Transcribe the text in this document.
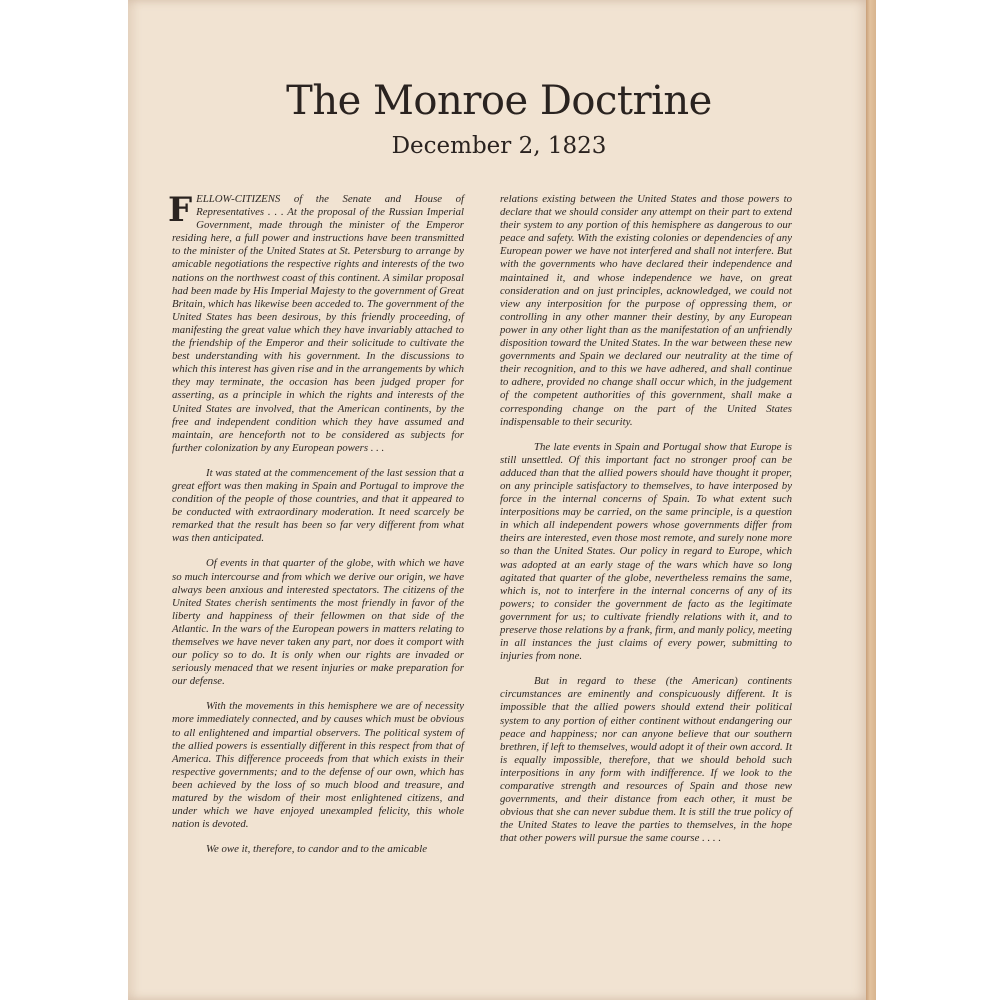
The Monroe Doctrine
December 2, 1823

FELLOW-CITIZENS of the Senate and House of Representatives . . . At the proposal of the Russian Imperial Government, made through the minister of the Emperor residing here, a full power and instructions have been transmitted to the minister of the United States at St. Petersburg to arrange by amicable negotiations the respective rights and interests of the two nations on the northwest coast of this continent. A similar proposal had been made by His Imperial Majesty to the government of Great Britain, which has likewise been acceded to. The government of the United States has been desirous, by this friendly proceeding, of manifesting the great value which they have invariably attached to the friendship of the Emperor and their solicitude to cultivate the best understanding with his government. In the discussions to which this interest has given rise and in the arrangements by which they may terminate, the occasion has been judged proper for asserting, as a principle in which the rights and interests of the United States are involved, that the American continents, by the free and independent condition which they have assumed and maintain, are henceforth not to be considered as subjects for further colonization by any European powers . . .

It was stated at the commencement of the last session that a great effort was then making in Spain and Portugal to improve the condition of the people of those countries, and that it appeared to be conducted with extraordinary moderation. It need scarcely be remarked that the result has been so far very different from what was then anticipated.

Of events in that quarter of the globe, with which we have so much intercourse and from which we derive our origin, we have always been anxious and interested spectators. The citizens of the United States cherish sentiments the most friendly in favor of the liberty and happiness of their fellowmen on that side of the Atlantic. In the wars of the European powers in matters relating to themselves we have never taken any part, nor does it comport with our policy so to do. It is only when our rights are invaded or seriously menaced that we resent injuries or make preparation for our defense.

With the movements in this hemisphere we are of necessity more immediately connected, and by causes which must be obvious to all enlightened and impartial observers. The political system of the allied powers is essentially different in this respect from that of America. This difference proceeds from that which exists in their respective governments; and to the defense of our own, which has been achieved by the loss of so much blood and treasure, and matured by the wisdom of their most enlightened citizens, and under which we have enjoyed unexampled felicity, this whole nation is devoted.

We owe it, therefore, to candor and to the amicable

relations existing between the United States and those powers to declare that we should consider any attempt on their part to extend their system to any portion of this hemisphere as dangerous to our peace and safety. With the existing colonies or dependencies of any European power we have not interfered and shall not interfere. But with the governments who have declared their independence and maintained it, and whose independence we have, on great consideration and on just principles, acknowledged, we could not view any interposition for the purpose of oppressing them, or controlling in any other manner their destiny, by any European power in any other light than as the manifestation of an unfriendly disposition toward the United States. In the war between these new governments and Spain we declared our neutrality at the time of their recognition, and to this we have adhered, and shall continue to adhere, provided no change shall occur which, in the judgement of the competent authorities of this government, shall make a corresponding change on the part of the United States indispensable to their security.

The late events in Spain and Portugal show that Europe is still unsettled. Of this important fact no stronger proof can be adduced than that the allied powers should have thought it proper, on any principle satisfactory to themselves, to have interposed by force in the internal concerns of Spain. To what extent such interpositions may be carried, on the same principle, is a question in which all independent powers whose governments differ from theirs are interested, even those most remote, and surely none more so than the United States. Our policy in regard to Europe, which was adopted at an early stage of the wars which have so long agitated that quarter of the globe, nevertheless remains the same, which is, not to interfere in the internal concerns of any of its powers; to consider the government de facto as the legitimate government for us; to cultivate friendly relations with it, and to preserve those relations by a frank, firm, and manly policy, meeting in all instances the just claims of every power, submitting to injuries from none.

But in regard to these (the American) continents circumstances are eminently and conspicuously different. It is impossible that the allied powers should extend their political system to any portion of either continent without endangering our peace and happiness; nor can anyone believe that our southern brethren, if left to themselves, would adopt it of their own accord. It is equally impossible, therefore, that we should behold such interpositions in any form with indifference. If we look to the comparative strength and resources of Spain and those new governments, and their distance from each other, it must be obvious that she can never subdue them. It is still the true policy of the United States to leave the parties to themselves, in the hope that other powers will pursue the same course . . . .
